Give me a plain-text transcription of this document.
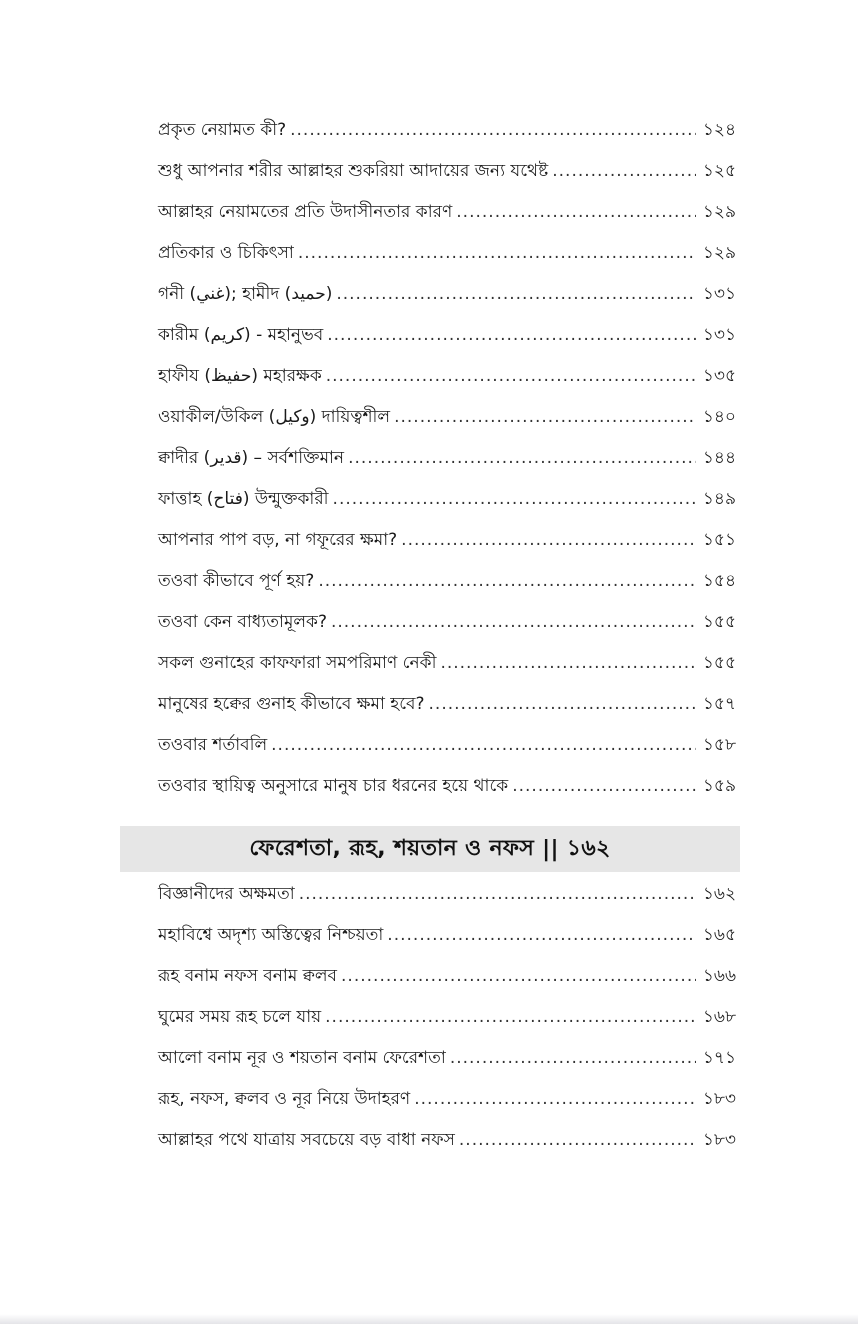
প্রকৃত নেয়ামত কী? .....	১২৪
শুধু আপনার শরীর আল্লাহর শুকরিয়া আদায়ের জন্য যথেষ্ট .....	১২৫
আল্লাহর নেয়ামতের প্রতি উদাসীনতার কারণ .....	১২৯
প্রতিকার ও চিকিৎসা .....	১২৯
গনী (غني); হামীদ (حميد) .....	১৩১
কারীম (كريم) - মহানুভব .....	১৩১
হাফীয (حفيظ) মহারক্ষক .....	১৩৫
ওয়াকীল/উকিল (وكيل) দায়িত্বশীল .....	১৪০
ক্বাদীর (قدير) – সর্বশক্তিমান .....	১৪৪
ফাত্তাহ (فتاح) উন্মুক্তকারী .....	১৪৯
আপনার পাপ বড়, না গফূরের ক্ষমা? .....	১৫১
তওবা কীভাবে পূর্ণ হয়? .....	১৫৪
তওবা কেন বাধ্যতামূলক? .....	১৫৫
সকল গুনাহের কাফফারা সমপরিমাণ নেকী .....	১৫৫
মানুষের হক্বের গুনাহ কীভাবে ক্ষমা হবে? .....	১৫৭
তওবার শর্তাবলি .....	১৫৮
তওবার স্থায়িত্ব অনুসারে মানুষ চার ধরনের হয়ে থাকে .....	১৫৯
ফেরেশতা, রূহ, শয়তান ও নফস || ১৬২
বিজ্ঞানীদের অক্ষমতা .....	১৬২
মহাবিশ্বে অদৃশ্য অস্তিত্বের নিশ্চয়তা .....	১৬৫
রূহ বনাম নফস বনাম ক্বলব .....	১৬৬
ঘুমের সময় রূহ চলে যায় .....	১৬৮
আলো বনাম নূর ও শয়তান বনাম ফেরেশতা .....	১৭১
রূহ, নফস, ক্বলব ও নূর নিয়ে উদাহরণ .....	১৮৩
আল্লাহর পথে যাত্রায় সবচেয়ে বড় বাধা নফস .....	১৮৩
